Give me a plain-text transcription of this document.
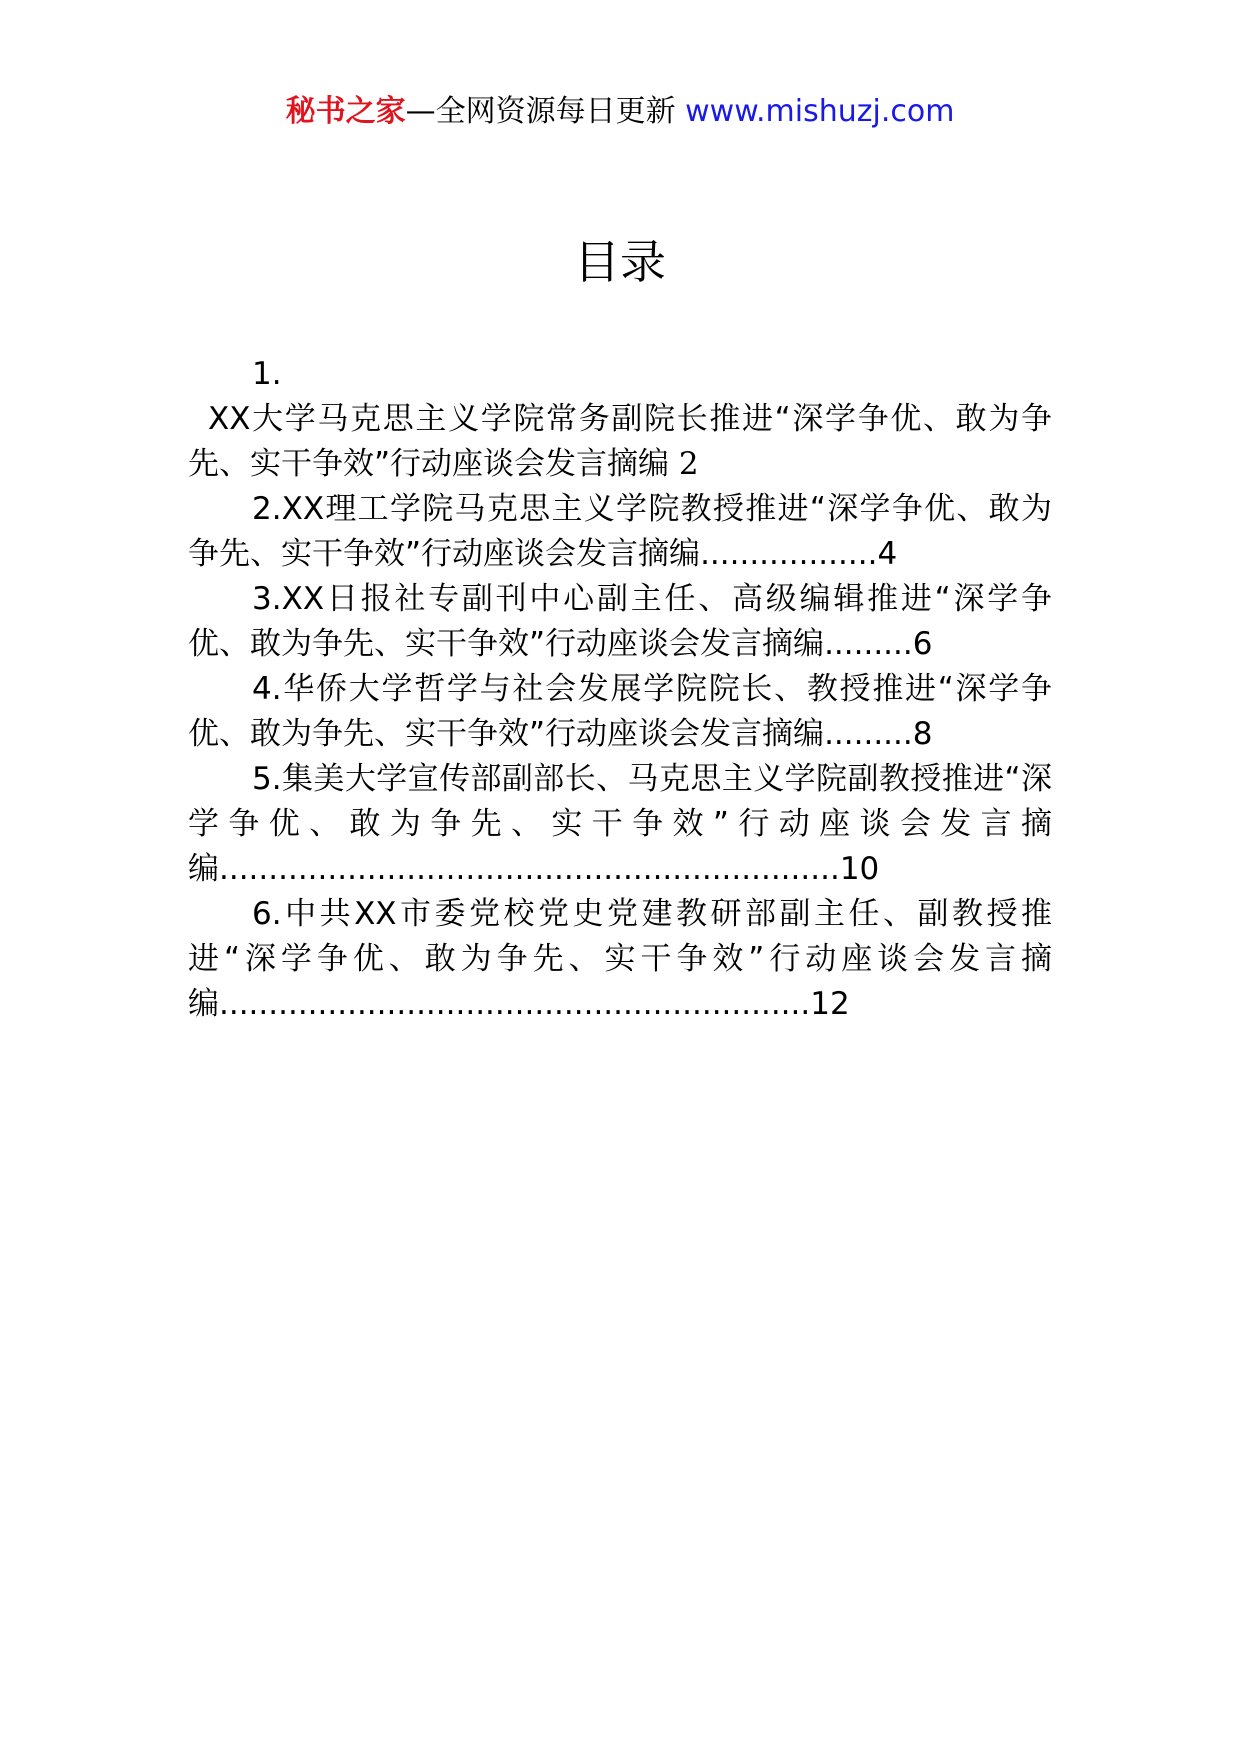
秘书之家—全网资源每日更新 www.mishuzj.com
目录

1.
XX大学马克思主义学院常务副院长推进“深学争优、敢为争先、实干争效”行动座谈会发言摘编 2

2.XX理工学院马克思主义学院教授推进“深学争优、敢为争先、实干争效”行动座谈会发言摘编..................4

3.XX日报社专副刊中心副主任、高级编辑推进“深学争优、敢为争先、实干争效”行动座谈会发言摘编.........6

4.华侨大学哲学与社会发展学院院长、教授推进“深学争优、敢为争先、实干争效”行动座谈会发言摘编.........8

5.集美大学宣传部副部长、马克思主义学院副教授推进“深学争优、敢为争先、实干争效”行动座谈会发言摘编...............................................................10

6.中共XX市委党校党史党建教研部副主任、副教授推进“深学争优、敢为争先、实干争效”行动座谈会发言摘编............................................................12
